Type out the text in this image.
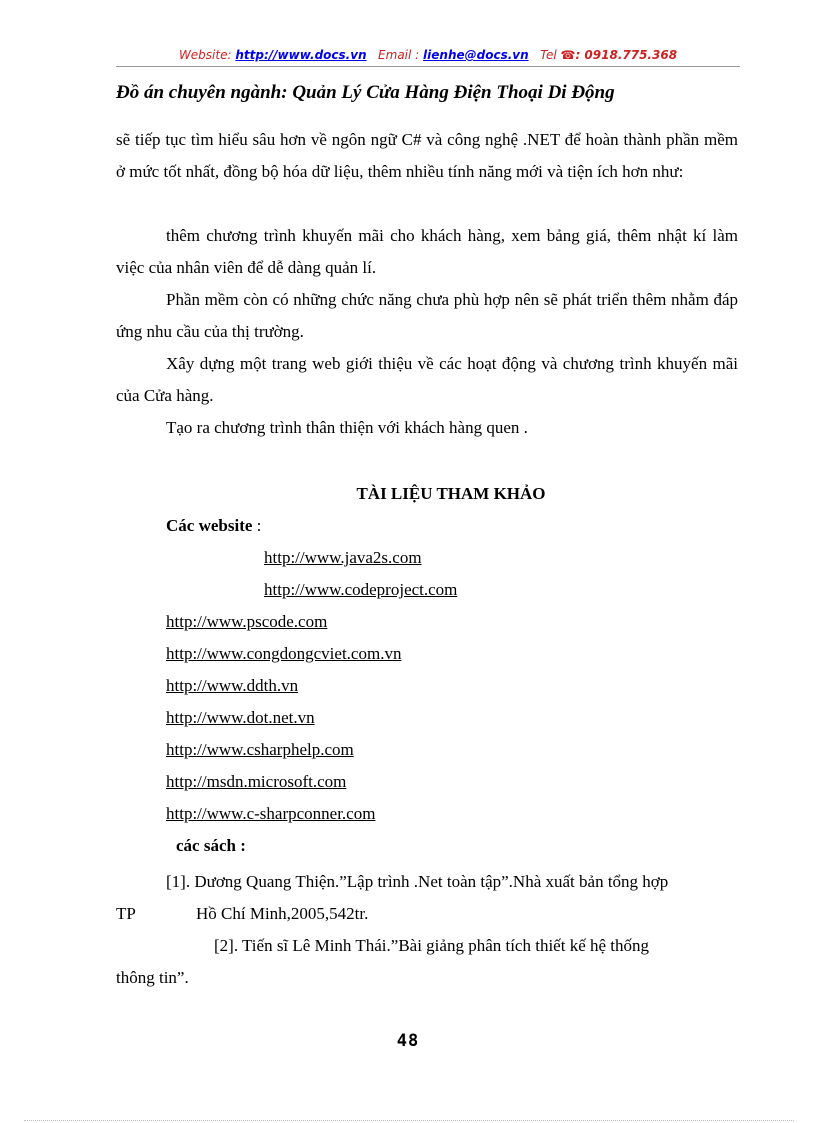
Website: http://www.docs.vn Email : lienhe@docs.vn Tel ☎: 0918.775.368
Đồ án chuyên ngành: Quản Lý Cửa Hàng Điện Thoại Di Động
sẽ tiếp tục tìm hiểu sâu hơn về ngôn ngữ C# và công nghệ .NET để hoàn thành phần mềm ở mức tốt nhất, đồng bộ hóa dữ liệu, thêm nhiều tính năng mới và tiện ích hơn như:
thêm chương trình khuyến mãi cho khách hàng, xem bảng giá, thêm nhật kí làm việc của nhân viên để dễ dàng quản lí.
Phần mềm còn có những chức năng chưa phù hợp nên sẽ phát triển thêm nhằm đáp ứng nhu cầu của thị trường.
Xây dựng một trang web giới thiệu về các hoạt động và chương trình khuyến mãi của Cửa hàng.
Tạo ra chương trình thân thiện với khách hàng quen .
TÀI LIỆU THAM KHẢO
Các website :
http://www.java2s.com
http://www.codeproject.com
http://www.pscode.com
http://www.congdongcviet.com.vn
http://www.ddth.vn
http://www.dot.net.vn
http://www.csharphelp.com
http://msdn.microsoft.com
http://www.c-sharpconner.com
các sách :
[1]. Dương Quang Thiện.”Lập trình .Net toàn tập”.Nhà xuất bản tổng hợp
TP	Hồ Chí Minh,2005,542tr.
[2]. Tiến sĩ Lê Minh Thái.”Bài giảng phân tích thiết kế hệ thống
thông tin”.
48
